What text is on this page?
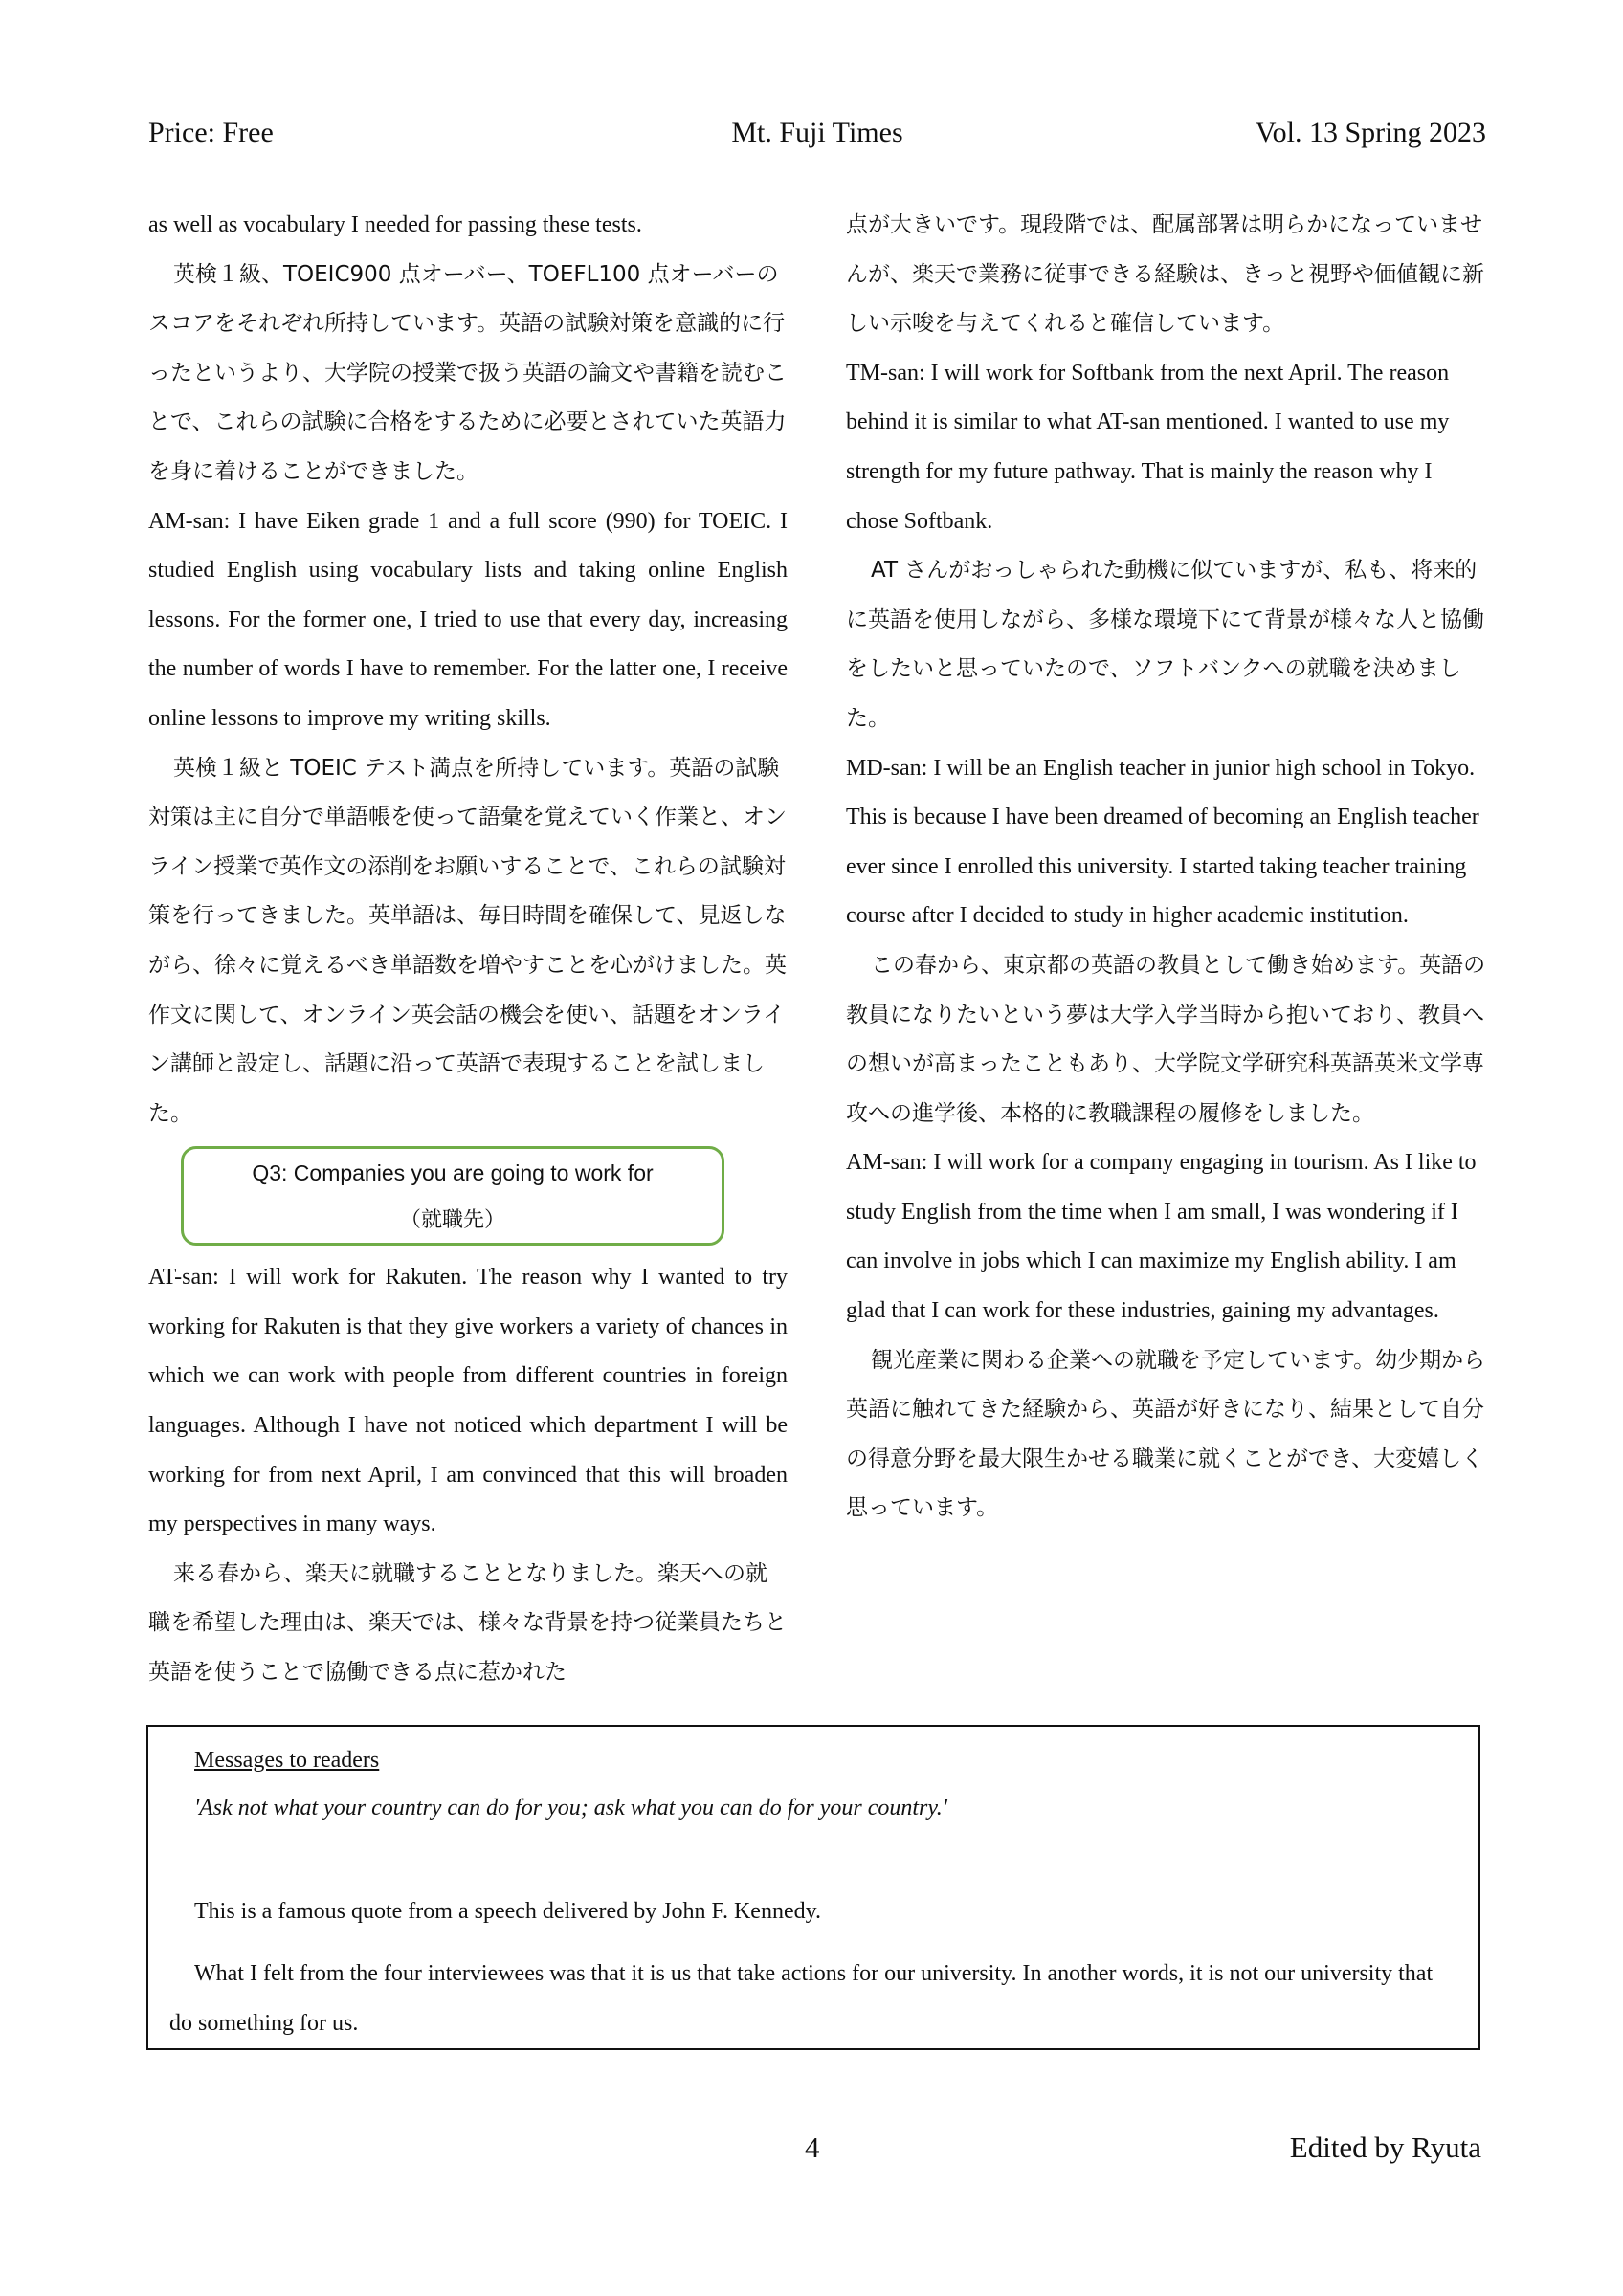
Price: Free	Mt. Fuji Times	Vol. 13 Spring 2023

as well as vocabulary I needed for passing these tests.

英検１級、TOEIC900 点オーバー、TOEFL100 点オーバーのスコアをそれぞれ所持しています。英語の試験対策を意識的に行ったというより、大学院の授業で扱う英語の論文や書籍を読むことで、これらの試験に合格をするために必要とされていた英語力を身に着けることができました。

AM-san: I have Eiken grade 1 and a full score (990) for TOEIC. I studied English using vocabulary lists and taking online English lessons. For the former one, I tried to use that every day, increasing the number of words I have to remember. For the latter one, I receive online lessons to improve my writing skills.

英検１級と TOEIC テスト満点を所持しています。英語の試験対策は主に自分で単語帳を使って語彙を覚えていく作業と、オンライン授業で英作文の添削をお願いすることで、これらの試験対策を行ってきました。英単語は、毎日時間を確保して、見返しながら、徐々に覚えるべき単語数を増やすことを心がけました。英作文に関して、オンライン英会話の機会を使い、話題をオンライン講師と設定し、話題に沿って英語で表現することを試しました。

Q3: Companies you are going to work for
（就職先）

AT-san: I will work for Rakuten. The reason why I wanted to try working for Rakuten is that they give workers a variety of chances in which we can work with people from different countries in foreign languages. Although I have not noticed which department I will be working for from next April, I am convinced that this will broaden my perspectives in many ways.

来る春から、楽天に就職することとなりました。楽天への就職を希望した理由は、楽天では、様々な背景を持つ従業員たちと英語を使うことで協働できる点に惹かれた

点が大きいです。現段階では、配属部署は明らかになっていませんが、楽天で業務に従事できる経験は、きっと視野や価値観に新しい示唆を与えてくれると確信しています。

TM-san: I will work for Softbank from the next April. The reason behind it is similar to what AT-san mentioned. I wanted to use my strength for my future pathway. That is mainly the reason why I chose Softbank.

AT さんがおっしゃられた動機に似ていますが、私も、将来的に英語を使用しながら、多様な環境下にて背景が様々な人と協働をしたいと思っていたので、ソフトバンクへの就職を決めました。

MD-san: I will be an English teacher in junior high school in Tokyo. This is because I have been dreamed of becoming an English teacher ever since I enrolled this university. I started taking teacher training course after I decided to study in higher academic institution.

この春から、東京都の英語の教員として働き始めます。英語の教員になりたいという夢は大学入学当時から抱いており、教員への想いが高まったこともあり、大学院文学研究科英語英米文学専攻への進学後、本格的に教職課程の履修をしました。

AM-san: I will work for a company engaging in tourism. As I like to study English from the time when I am small, I was wondering if I can involve in jobs which I can maximize my English ability. I am glad that I can work for these industries, gaining my advantages.

観光産業に関わる企業への就職を予定しています。幼少期から英語に触れてきた経験から、英語が好きになり、結果として自分の得意分野を最大限生かせる職業に就くことができ、大変嬉しく思っています。

Messages to readers
'Ask not what your country can do for you; ask what you can do for your country.'
This is a famous quote from a speech delivered by John F. Kennedy.
What I felt from the four interviewees was that it is us that take actions for our university. In another words, it is not our university that do something for us.
4	Edited by Ryuta
